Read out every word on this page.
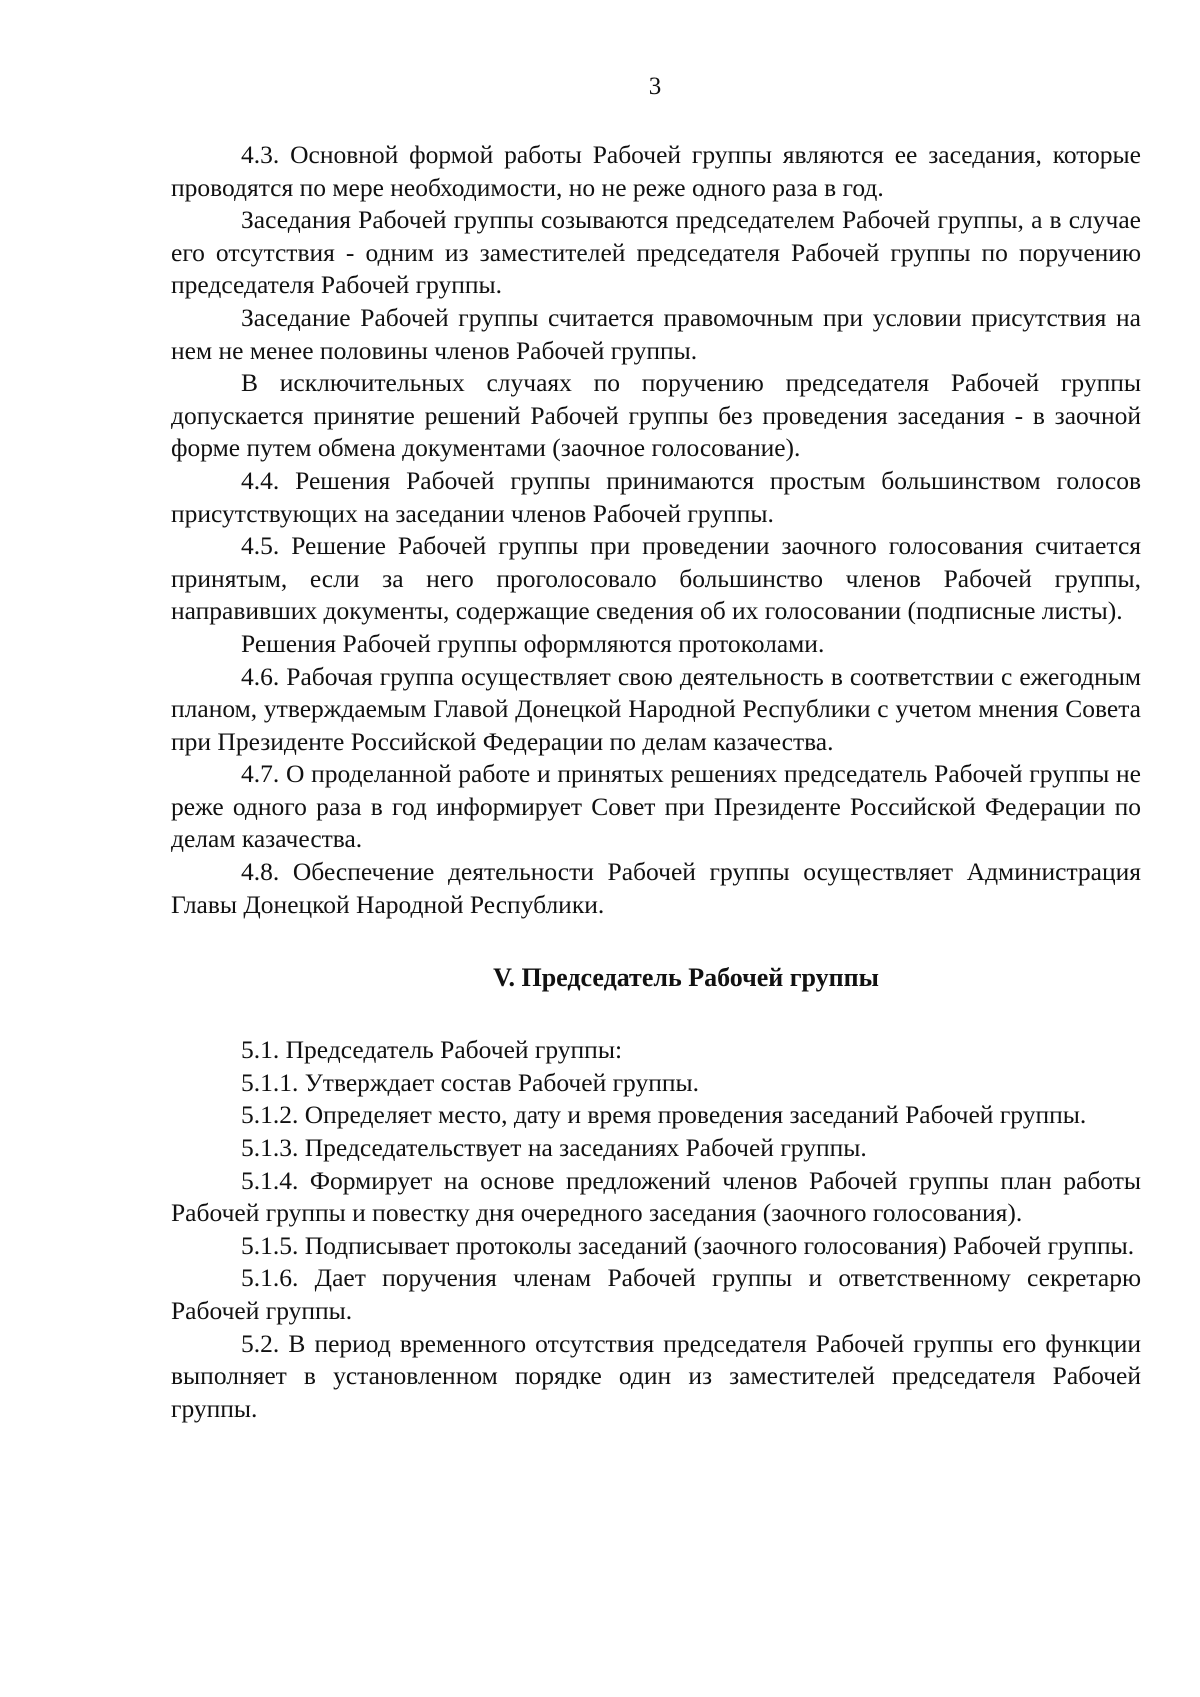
3

4.3. Основной формой работы Рабочей группы являются ее заседания, которые проводятся по мере необходимости, но не реже одного раза в год.

Заседания Рабочей группы созываются председателем Рабочей группы, а в случае его отсутствия - одним из заместителей председателя Рабочей группы по поручению председателя Рабочей группы.

Заседание Рабочей группы считается правомочным при условии присутствия на нем не менее половины членов Рабочей группы.

В исключительных случаях по поручению председателя Рабочей группы допускается принятие решений Рабочей группы без проведения заседания - в заочной форме путем обмена документами (заочное голосование).

4.4. Решения Рабочей группы принимаются простым большинством голосов присутствующих на заседании членов Рабочей группы.

4.5. Решение Рабочей группы при проведении заочного голосования считается принятым, если за него проголосовало большинство членов Рабочей группы, направивших документы, содержащие сведения об их голосовании (подписные листы).

Решения Рабочей группы оформляются протоколами.

4.6. Рабочая группа осуществляет свою деятельность в соответствии с ежегодным планом, утверждаемым Главой Донецкой Народной Республики с учетом мнения Совета при Президенте Российской Федерации по делам казачества.

4.7. О проделанной работе и принятых решениях председатель Рабочей группы не реже одного раза в год информирует Совет при Президенте Российской Федерации по делам казачества.

4.8. Обеспечение деятельности Рабочей группы осуществляет Администрация Главы Донецкой Народной Республики.

V. Председатель Рабочей группы

5.1. Председатель Рабочей группы:

5.1.1. Утверждает состав Рабочей группы.

5.1.2. Определяет место, дату и время проведения заседаний Рабочей группы.

5.1.3. Председательствует на заседаниях Рабочей группы.

5.1.4. Формирует на основе предложений членов Рабочей группы план работы Рабочей группы и повестку дня очередного заседания (заочного голосования).

5.1.5. Подписывает протоколы заседаний (заочного голосования) Рабочей группы.

5.1.6. Дает поручения членам Рабочей группы и ответственному секретарю Рабочей группы.

5.2. В период временного отсутствия председателя Рабочей группы его функции выполняет в установленном порядке один из заместителей председателя Рабочей группы.
